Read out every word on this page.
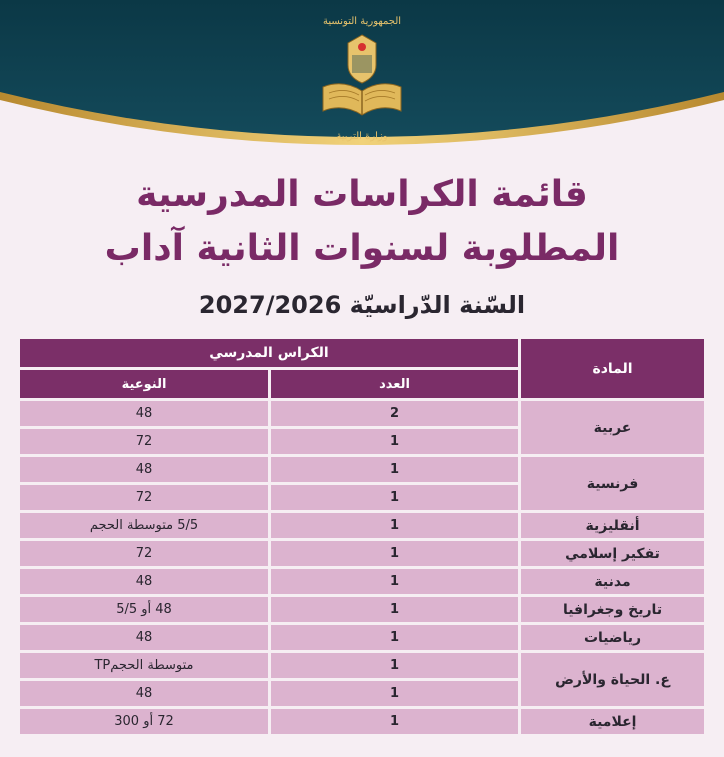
الجمهورية التونسية
وزارة التربية
قائمة الكراسات المدرسية
المطلوبة لسنوات الثانية آداب
السّنة الدّراسيّة 2027/2026
المادة	الكراس المدرسي	
	العدد	النوعية
عربية	2	48
	1	72
فرنسية	1	48
	1	72
أنقليزية	1	5/5 متوسطة الحجم
تفكير إسلامي	1	72
مدنية	1	48
تاريخ وجغرافيا	1	48 أو 5/5
رياضيات	1	48
ع. الحياة والأرض	1	متوسطة الحجمTP
	1	48
إعلامية	1	72 أو 300
